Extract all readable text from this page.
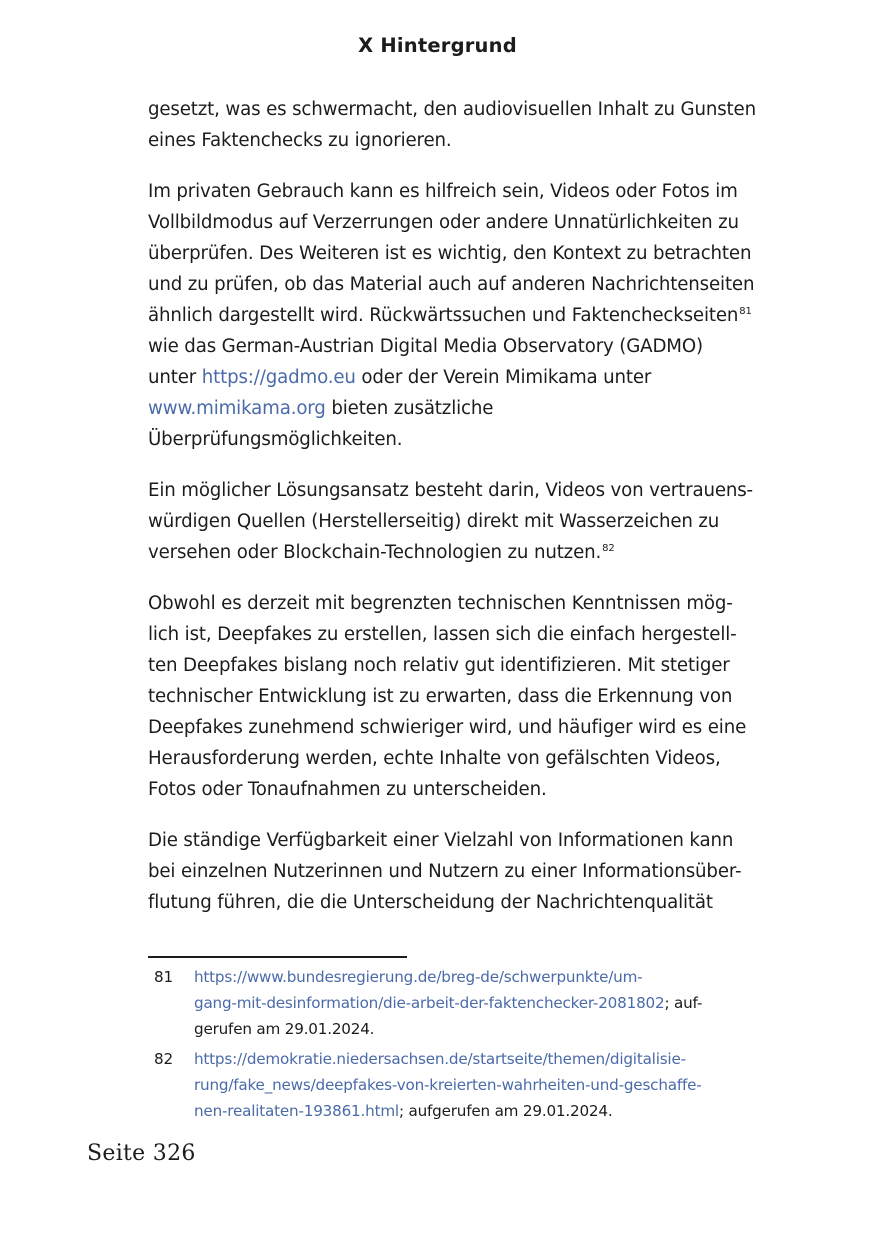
X Hintergrund

gesetzt, was es schwermacht, den audiovisuellen Inhalt zu Gunsten
eines Faktenchecks zu ignorieren.

Im privaten Gebrauch kann es hilfreich sein, Videos oder Fotos im
Vollbildmodus auf Verzerrungen oder andere Unnatürlichkeiten zu
überprüfen. Des Weiteren ist es wichtig, den Kontext zu betrachten
und zu prüfen, ob das Material auch auf anderen Nachrichtenseiten
ähnlich dargestellt wird. Rückwärtssuchen und Faktencheckseiten$^{81}$
wie das German-Austrian Digital Media Observatory (GADMO)
unter https://gadmo.eu oder der Verein Mimikama unter
www.mimikama.org bieten zusätzliche
Überprüfungsmöglichkeiten.

Ein möglicher Lösungsansatz besteht darin, Videos von vertrauens-
würdigen Quellen (Herstellerseitig) direkt mit Wasserzeichen zu
versehen oder Blockchain-Technologien zu nutzen.$^{82}$

Obwohl es derzeit mit begrenzten technischen Kenntnissen mög-
lich ist, Deepfakes zu erstellen, lassen sich die einfach hergestell-
ten Deepfakes bislang noch relativ gut identifizieren. Mit stetiger
technischer Entwicklung ist zu erwarten, dass die Erkennung von
Deepfakes zunehmend schwieriger wird, und häufiger wird es eine
Herausforderung werden, echte Inhalte von gefälschten Videos,
Fotos oder Tonaufnahmen zu unterscheiden.

Die ständige Verfügbarkeit einer Vielzahl von Informationen kann
bei einzelnen Nutzerinnen und Nutzern zu einer Informationsüber-
flutung führen, die die Unterscheidung der Nachrichtenqualität

81	https://www.bundesregierung.de/breg-de/schwerpunkte/um-
gang-mit-desinformation/die-arbeit-der-faktenchecker-2081802; auf-
gerufen am 29.01.2024.
82	https://demokratie.niedersachsen.de/startseite/themen/digitalisie-
rung/fake_news/deepfakes-von-kreierten-wahrheiten-und-geschaffe-
nen-realitaten-193861.html; aufgerufen am 29.01.2024.
Seite 326
